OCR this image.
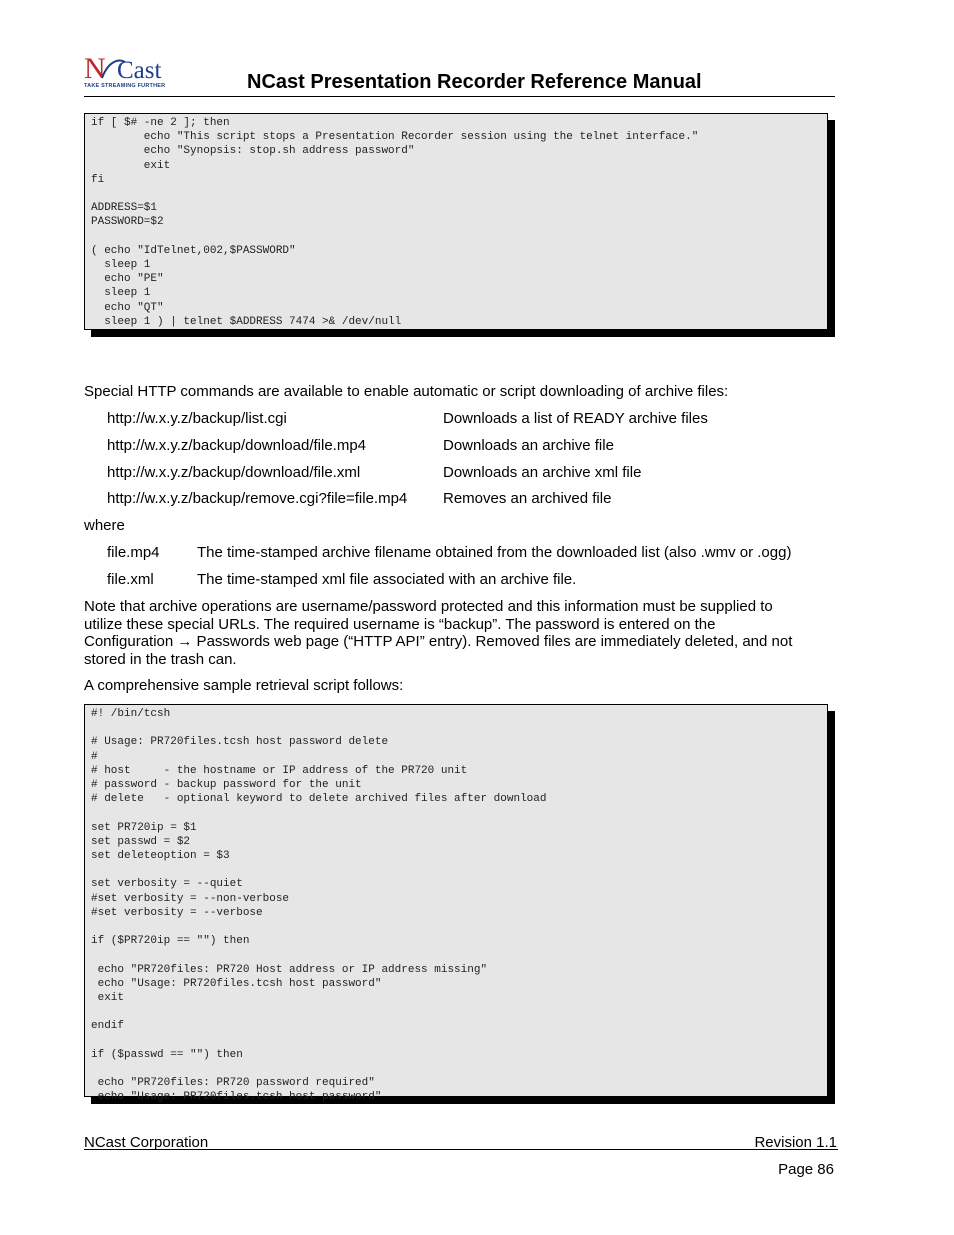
N Cast
TAKE STREAMING FURTHER	NCast Presentation Recorder Reference Manual
if [ $# -ne 2 ]; then
echo "This script stops a Presentation Recorder session using the telnet interface."
echo "Synopsis: stop.sh address password"
exit
fi

ADDRESS=$1
PASSWORD=$2

( echo "IdTelnet,002,$PASSWORD"
sleep 1
echo "PE"
sleep 1
echo "QT"
sleep 1 ) | telnet $ADDRESS 7474 >& /dev/null
Special HTTP commands are available to enable automatic or script downloading of archive files:
http://w.x.y.z/backup/list.cgi	Downloads a list of READY archive files
http://w.x.y.z/backup/download/file.mp4	Downloads an archive file
http://w.x.y.z/backup/download/file.xml	Downloads an archive xml file
http://w.x.y.z/backup/remove.cgi?file=file.mp4 Removes an archived file
where
file.mp4 The time-stamped archive filename obtained from the downloaded list (also .wmv or .ogg)
file.xml	The time-stamped xml file associated with an archive file.
Note that archive operations are username/password protected and this information must be supplied to
utilize these special URLs. The required username is “backup”. The password is entered on the
Configuration → Passwords web page (“HTTP API” entry). Removed files are immediately deleted, and not
stored in the trash can.
A comprehensive sample retrieval script follows:
#! /bin/tcsh

# Usage: PR720files.tcsh host password delete
#
# host     - the hostname or IP address of the PR720 unit
# password - backup password for the unit
# delete   - optional keyword to delete archived files after download

set PR720ip = $1
set passwd = $2
set deleteoption = $3

set verbosity = --quiet
#set verbosity = --non-verbose
#set verbosity = --verbose

if ($PR720ip == "") then

echo "PR720files: PR720 Host address or IP address missing"
echo "Usage: PR720files.tcsh host password"
exit

endif

if ($passwd == "") then

echo "PR720files: PR720 password required"
echo "Usage: PR720files.tcsh host password"
NCast Corporation	Revision 1.1
Page 86
